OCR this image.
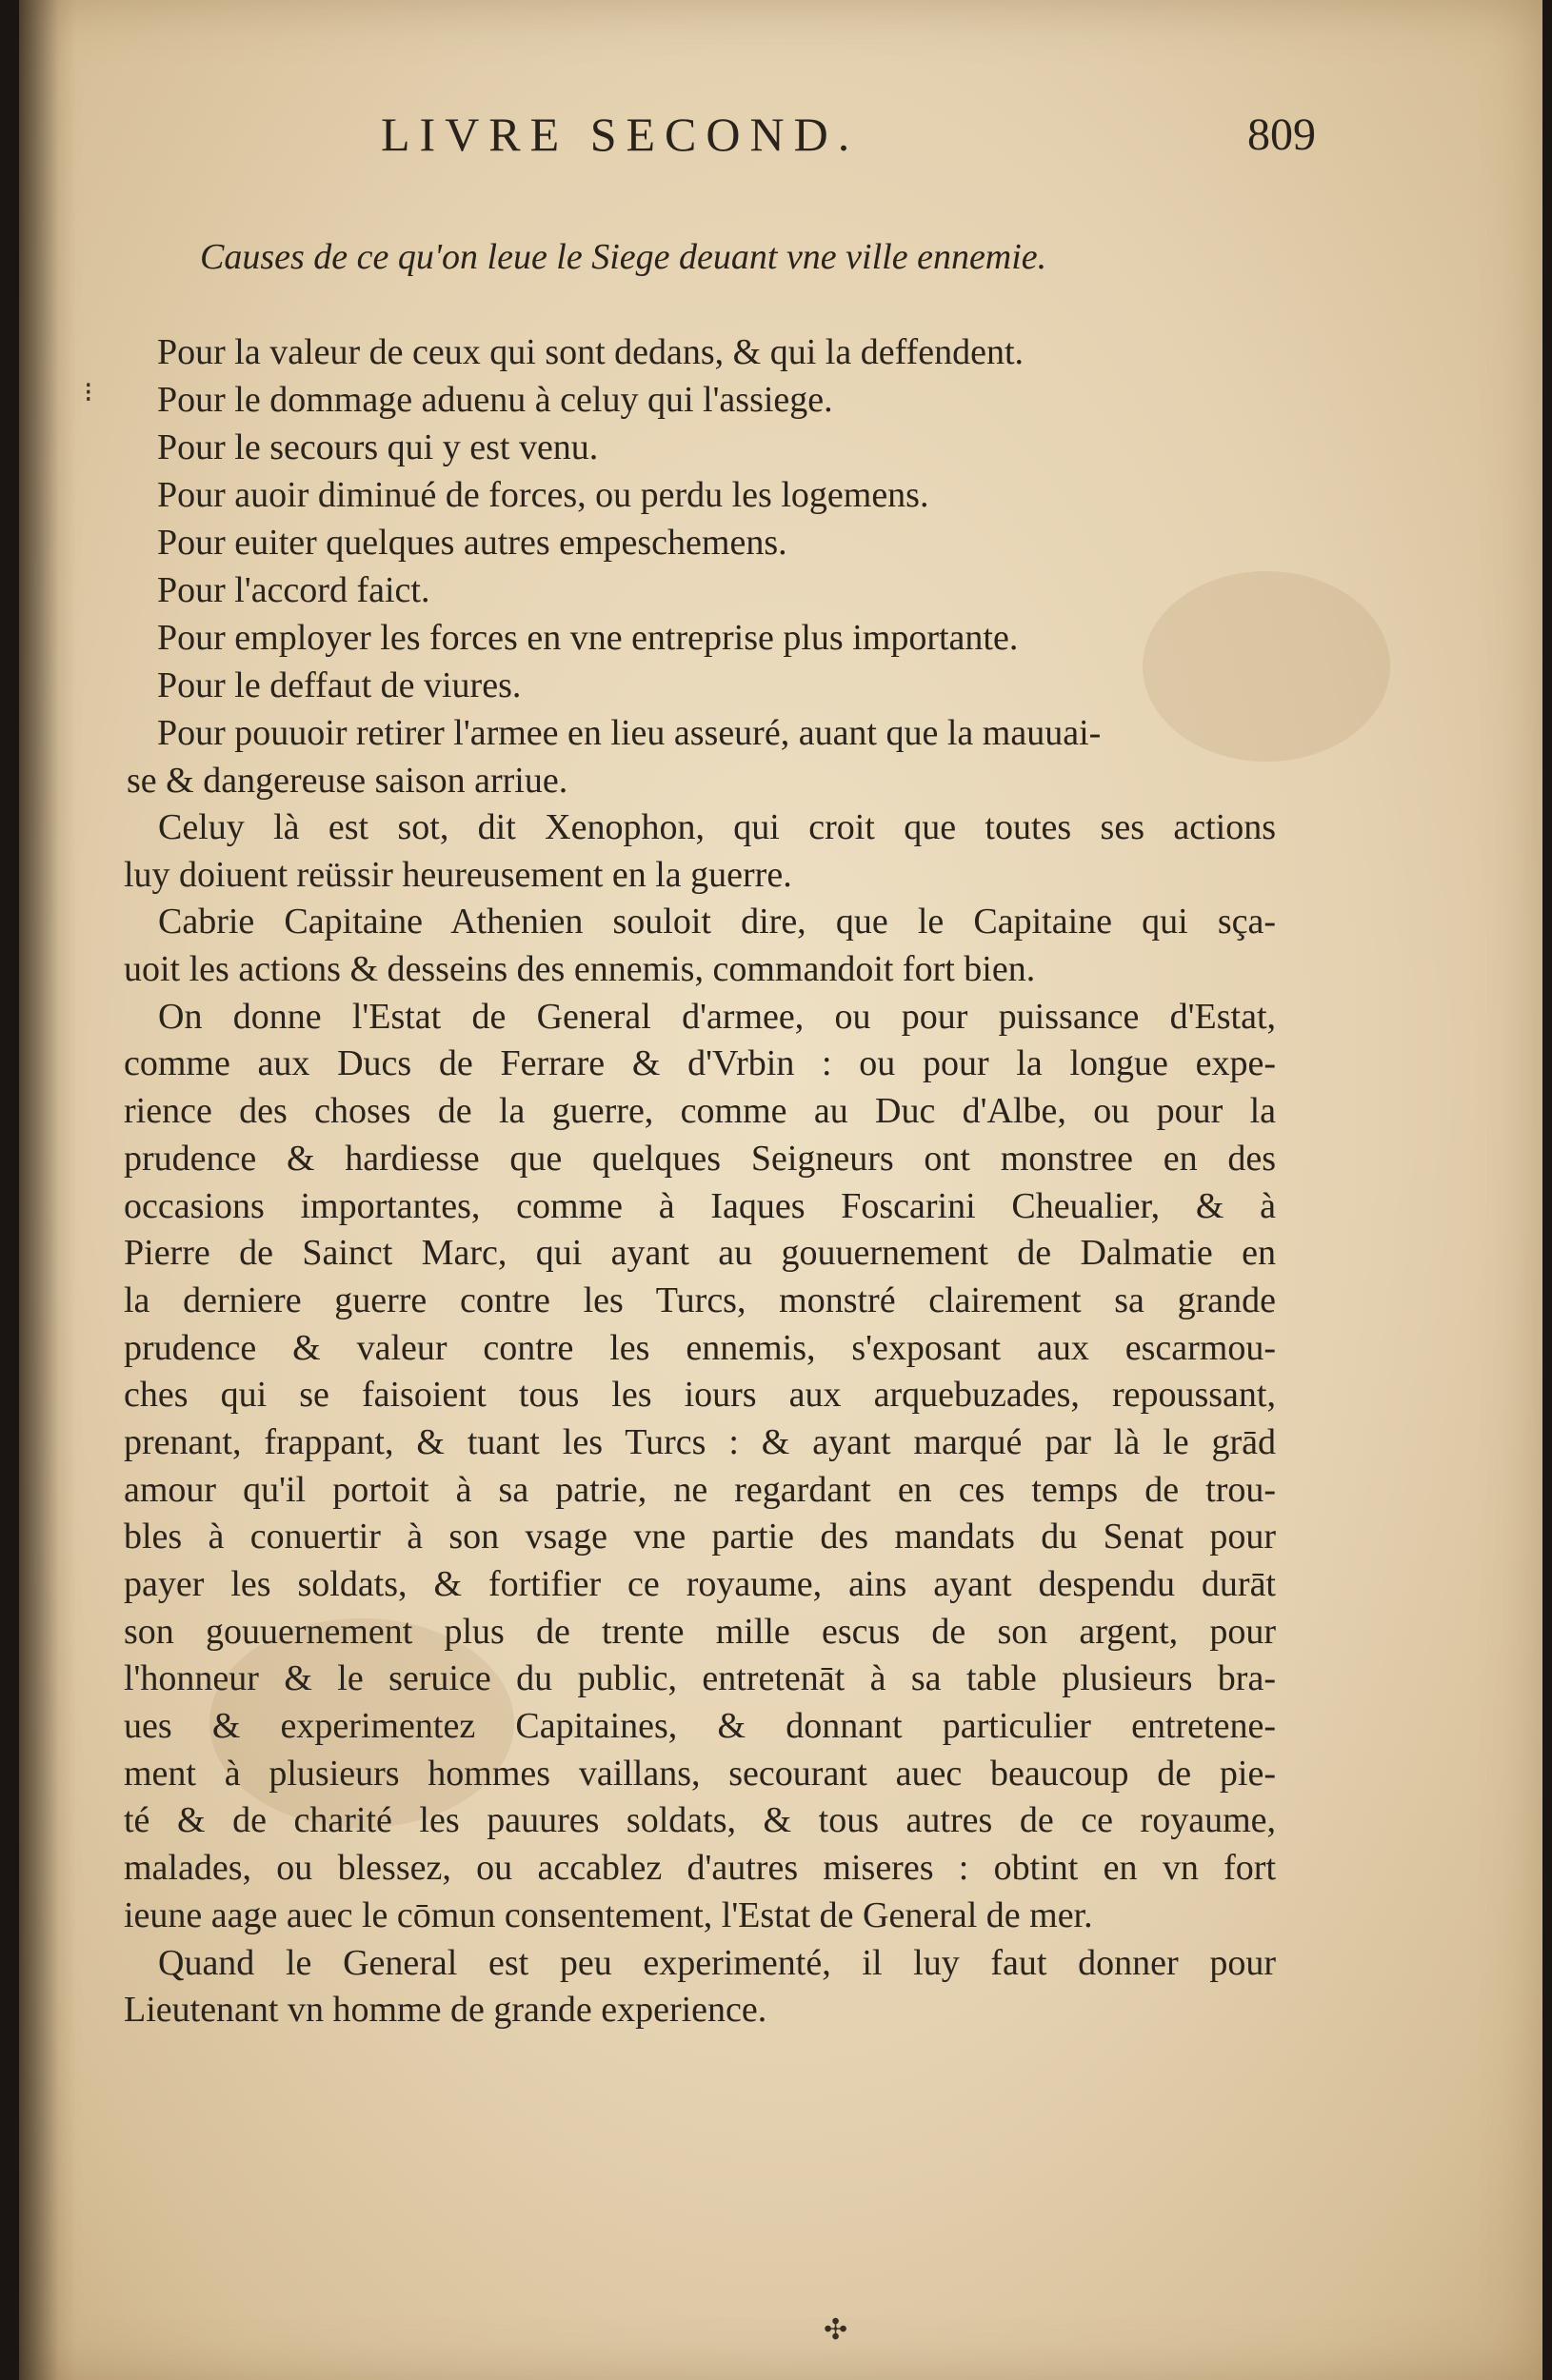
LIVRE SECOND.	809
Causes de ce qu'on leue le Siege deuant vne ville ennemie.
⁝
Pour la valeur de ceux qui sont dedans, & qui la deffendent.
Pour le dommage aduenu à celuy qui l'assiege.
Pour le secours qui y est venu.
Pour auoir diminué de forces, ou perdu les logemens.
Pour euiter quelques autres empeschemens.
Pour l'accord faict.
Pour employer les forces en vne entreprise plus importante.
Pour le deffaut de viures.
Pour pouuoir retirer l'armee en lieu asseuré, auant que la mauuai-
se & dangereuse saison arriue.
Celuy là est sot, dit Xenophon, qui croit que toutes ses actions
luy doiuent reüssir heureusement en la guerre.
Cabrie Capitaine Athenien souloit dire, que le Capitaine qui sça-
uoit les actions & desseins des ennemis, commandoit fort bien.
On donne l'Estat de General d'armee, ou pour puissance d'Estat,
comme aux Ducs de Ferrare & d'Vrbin : ou pour la longue expe-
rience des choses de la guerre, comme au Duc d'Albe, ou pour la
prudence & hardiesse que quelques Seigneurs ont monstree en des
occasions importantes, comme à Iaques Foscarini Cheualier, & à
Pierre de Sainct Marc, qui ayant au gouuernement de Dalmatie en
la derniere guerre contre les Turcs, monstré clairement sa grande
prudence & valeur contre les ennemis, s'exposant aux escarmou-
ches qui se faisoient tous les iours aux arquebuzades, repoussant,
prenant, frappant, & tuant les Turcs : & ayant marqué par là le grād
amour qu'il portoit à sa patrie, ne regardant en ces temps de trou-
bles à conuertir à son vsage vne partie des mandats du Senat pour
payer les soldats, & fortifier ce royaume, ains ayant despendu durāt
son gouuernement plus de trente mille escus de son argent, pour
l'honneur & le seruice du public, entretenāt à sa table plusieurs bra-
ues & experimentez Capitaines, & donnant particulier entretene-
ment à plusieurs hommes vaillans, secourant auec beaucoup de pie-
té & de charité les pauures soldats, & tous autres de ce royaume,
malades, ou blessez, ou accablez d'autres miseres : obtint en vn fort
ieune aage auec le cōmun consentement, l'Estat de General de mer.
Quand le General est peu experimenté, il luy faut donner pour
Lieutenant vn homme de grande experience.
✣
